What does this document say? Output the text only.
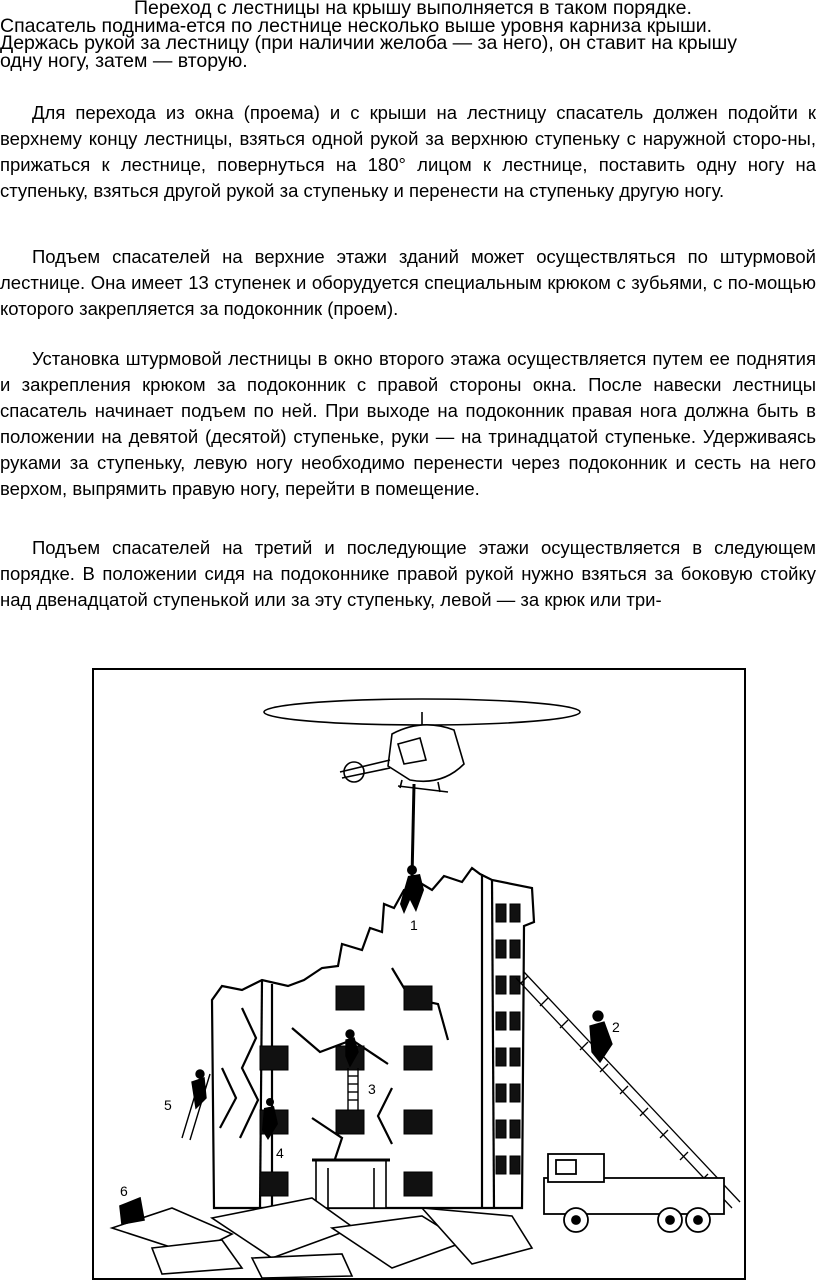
Переход с лестницы на крышу выполняется в таком порядке.
Спасатель поднима-ется по лестнице несколько выше уровня карниза крыши.
Держась рукой за лестницу (при наличии желоба — за него), он ставит на крышу
одну ногу, затем — вторую.
Для перехода из окна (проема) и с крыши на лестницу спасатель должен подойти к верхнему концу лестницы, взяться одной рукой за верхнюю ступеньку с наружной сторо-ны, прижаться к лестнице, повернуться на 180° лицом к лестнице, поставить одну ногу на ступеньку, взяться другой рукой за ступеньку и перенести на ступеньку другую ногу.
Подъем спасателей на верхние этажи зданий может осуществляться по штурмовой лестнице. Она имеет 13 ступенек и оборудуется специальным крюком с зубьями, с по-мощью которого закрепляется за подоконник (проем).
Установка штурмовой лестницы в окно второго этажа осуществляется путем ее поднятия и закрепления крюком за подоконник с правой стороны окна. После навески лестницы спасатель начинает подъем по ней. При выходе на подоконник правая нога должна быть в положении на девятой (десятой) ступеньке, руки — на тринадцатой ступеньке. Удерживаясь руками за ступеньку, левую ногу необходимо перенести через подоконник и сесть на него верхом, выпрямить правую ногу, перейти в помещение.
Подъем спасателей на третий и последующие этажи осуществляется в следующем порядке. В положении сидя на подоконнике правой рукой нужно взяться за боковую стойку над двенадцатой ступенькой или за эту ступеньку, левой — за крюк или три-
1
2
3
4
5
6
